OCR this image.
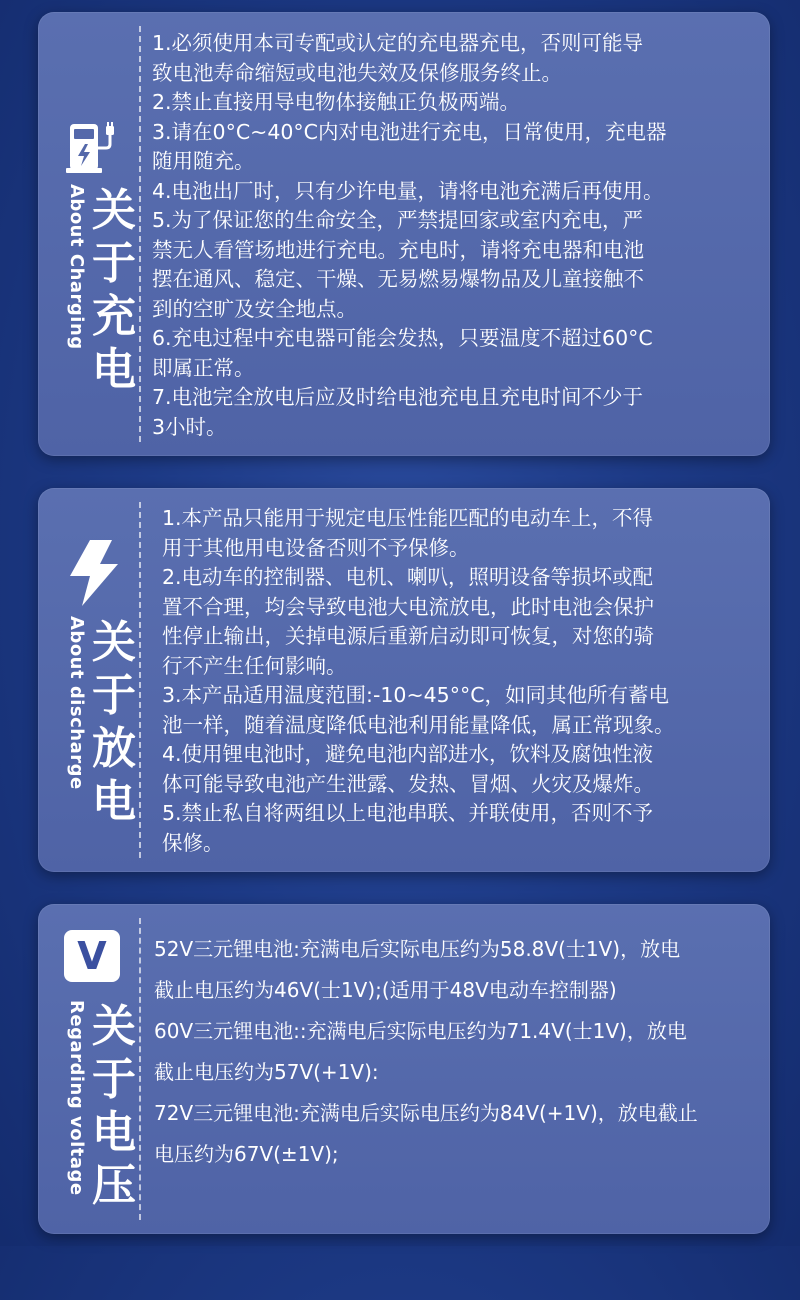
About Charging 关
于
充
电
1.必须使用本司专配或认定的充电器充电，否则可能导
致电池寿命缩短或电池失效及保修服务终止。
2.禁止直接用导电物体接触正负极两端。
3.请在0°C~40°C内对电池进行充电，日常使用，充电器
随用随充。
4.电池出厂时，只有少许电量，请将电池充满后再使用。
5.为了保证您的生命安全，严禁提回家或室内充电，严
禁无人看管场地进行充电。充电时，请将充电器和电池
摆在通风、稳定、干燥、无易燃易爆物品及儿童接触不
到的空旷及安全地点。
6.充电过程中充电器可能会发热，只要温度不超过60°C
即属正常。
7.电池完全放电后应及时给电池充电且充电时间不少于
3小时。
About discharge 关
于
放
电
1.本产品只能用于规定电压性能匹配的电动车上，不得
用于其他用电设备否则不予保修。
2.电动车的控制器、电机、喇叭，照明设备等损坏或配
置不合理，均会导致电池大电流放电，此时电池会保护
性停止输出，关掉电源后重新启动即可恢复，对您的骑
行不产生任何影响。
3.本产品适用温度范围:-10~45°°C，如同其他所有蓄电
池一样，随着温度降低电池利用能量降低，属正常现象。
4.使用锂电池时，避免电池内部进水，饮料及腐蚀性液
体可能导致电池产生泄露、发热、冒烟、火灾及爆炸。
5.禁止私自将两组以上电池串联、并联使用，否则不予
保修。
V
Regarding voltage 关
于
电
压
52V三元锂电池:充满电后实际电压约为58.8V(士1V)，放电
截止电压约为46V(士1V);(适用于48V电动车控制器)
60V三元锂电池::充满电后实际电压约为71.4V(士1V)，放电
截止电压约为57V(+1V):
72V三元锂电池:充满电后实际电压约为84V(+1V)，放电截止
电压约为67V(±1V);
